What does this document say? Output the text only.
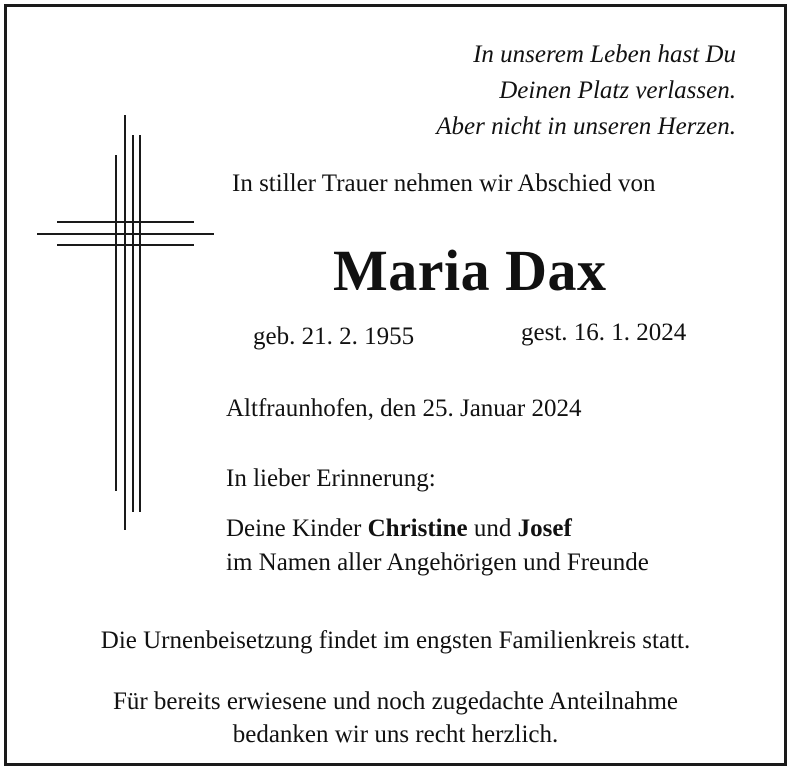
In unserem Leben hast Du
Deinen Platz verlassen.
Aber nicht in unseren Herzen.
In stiller Trauer nehmen wir Abschied von
Maria Dax
geb. 21. 2. 1955	gest. 16. 1. 2024
Altfraunhofen, den 25. Januar 2024
In lieber Erinnerung:
Deine Kinder Christine und Josef
im Namen aller Angehörigen und Freunde
Die Urnenbeisetzung findet im engsten Familienkreis statt.
Für bereits erwiesene und noch zugedachte Anteilnahme
bedanken wir uns recht herzlich.
